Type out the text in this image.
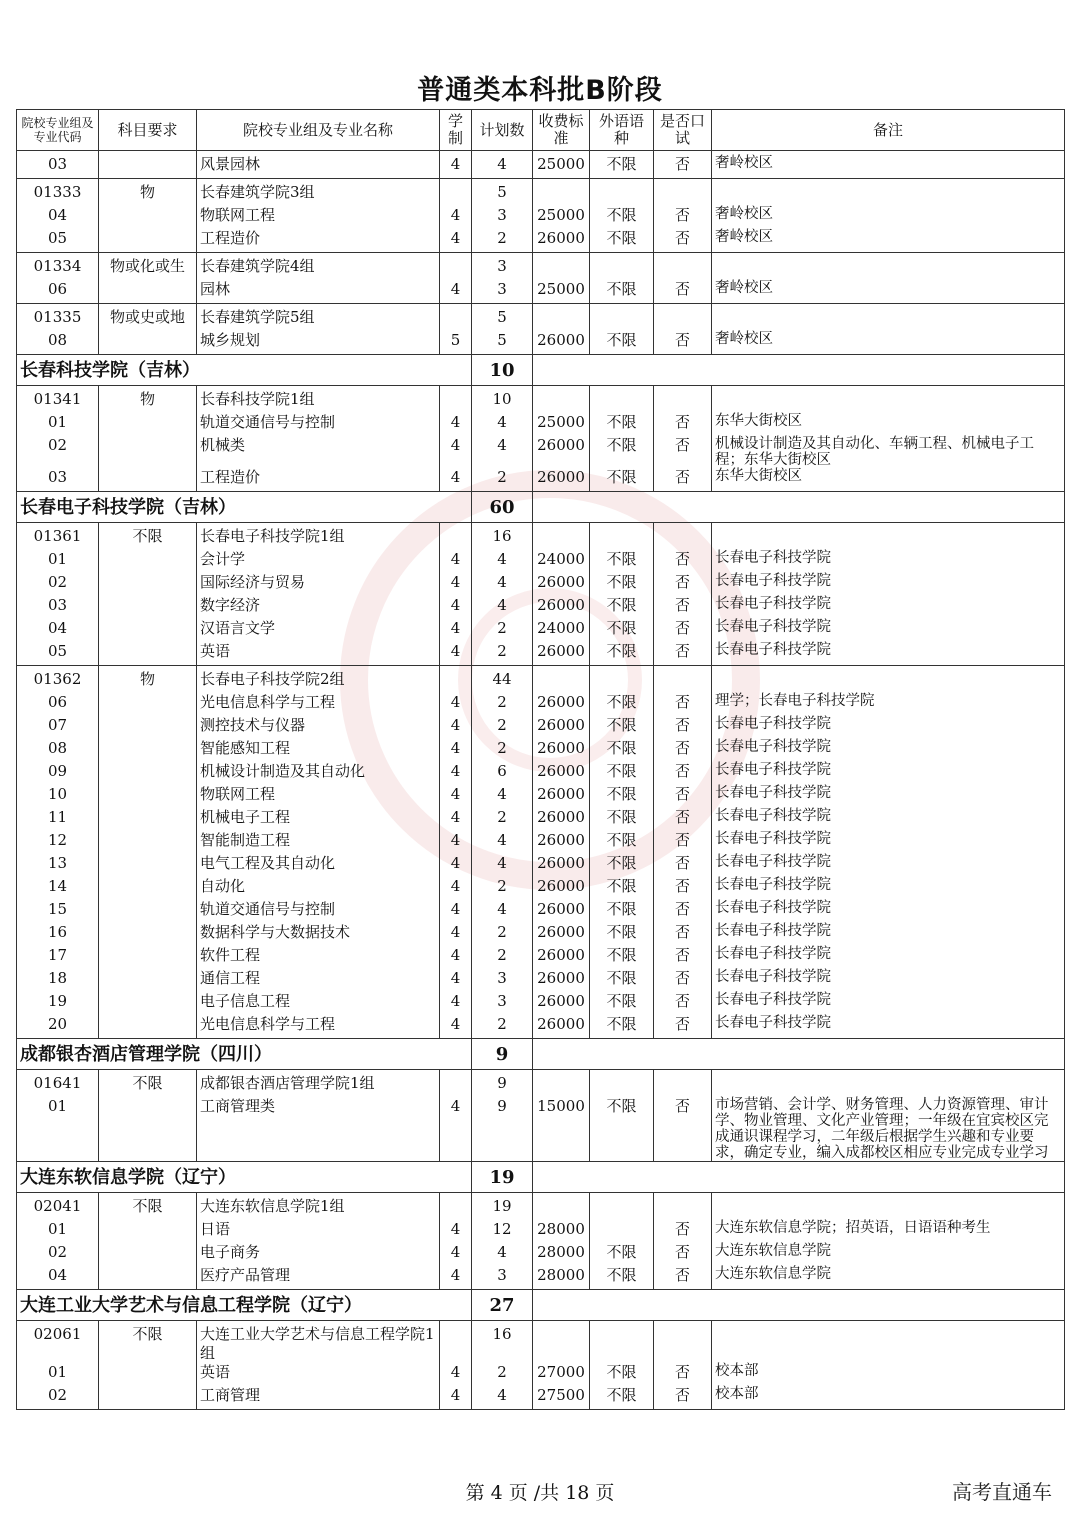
普通类本科批B阶段
院校专业组及专业代码	科目要求	院校专业组及专业名称	学制	计划数	收费标准	外语语种	是否口试	备注
03		风景园林	4	4	25000	不限	否	奢岭校区
01333	物	长春建筑学院3组		5				
04		物联网工程	4	3	25000	不限	否	奢岭校区
05		工程造价	4	2	26000	不限	否	奢岭校区
01334	物或化或生	长春建筑学院4组		3				
06		园林	4	3	25000	不限	否	奢岭校区
01335	物或史或地	长春建筑学院5组		5				
08		城乡规划	5	5	26000	不限	否	奢岭校区
长春科技学院（吉林）				10				
01341	物	长春科技学院1组		10				
01		轨道交通信号与控制	4	4	25000	不限	否	东华大街校区
02		机械类	4	4	26000	不限	否	机械设计制造及其自动化、车辆工程、机械电子工程；东华大街校区
03		工程造价	4	2	26000	不限	否	东华大街校区
长春电子科技学院（吉林）				60				
01361	不限	长春电子科技学院1组		16				
01		会计学	4	4	24000	不限	否	长春电子科技学院
02		国际经济与贸易	4	4	26000	不限	否	长春电子科技学院
03		数字经济	4	4	26000	不限	否	长春电子科技学院
04		汉语言文学	4	2	24000	不限	否	长春电子科技学院
05		英语	4	2	26000	不限	否	长春电子科技学院
01362	物	长春电子科技学院2组		44				
06		光电信息科学与工程	4	2	26000	不限	否	理学；长春电子科技学院
07		测控技术与仪器	4	2	26000	不限	否	长春电子科技学院
08		智能感知工程	4	2	26000	不限	否	长春电子科技学院
09		机械设计制造及其自动化	4	6	26000	不限	否	长春电子科技学院
10		物联网工程	4	4	26000	不限	否	长春电子科技学院
11		机械电子工程	4	2	26000	不限	否	长春电子科技学院
12		智能制造工程	4	4	26000	不限	否	长春电子科技学院
13		电气工程及其自动化	4	4	26000	不限	否	长春电子科技学院
14		自动化	4	2	26000	不限	否	长春电子科技学院
15		轨道交通信号与控制	4	4	26000	不限	否	长春电子科技学院
16		数据科学与大数据技术	4	2	26000	不限	否	长春电子科技学院
17		软件工程	4	2	26000	不限	否	长春电子科技学院
18		通信工程	4	3	26000	不限	否	长春电子科技学院
19		电子信息工程	4	3	26000	不限	否	长春电子科技学院
20		光电信息科学与工程	4	2	26000	不限	否	长春电子科技学院
成都银杏酒店管理学院（四川）				9				
01641	不限	成都银杏酒店管理学院1组		9				
01		工商管理类	4	9	15000	不限	否	市场营销、会计学、财务管理、人力资源管理、审计学、物业管理、文化产业管理；一年级在宜宾校区完成通识课程学习，二年级后根据学生兴趣和专业要求，确定专业，编入成都校区相应专业完成专业学习
大连东软信息学院（辽宁）				19				
02041	不限	大连东软信息学院1组		19				
01		日语	4	12	28000		否	大连东软信息学院；招英语，日语语种考生
02		电子商务	4	4	28000	不限	否	大连东软信息学院
04		医疗产品管理	4	3	28000	不限	否	大连东软信息学院
大连工业大学艺术与信息工程学院（辽宁）				27				
02061	不限	大连工业大学艺术与信息工程学院1组		16				
01		英语	4	2	27000	不限	否	校本部
02		工商管理	4	4	27500	不限	否	校本部
第 4 页 /共 18 页	高考直通车
